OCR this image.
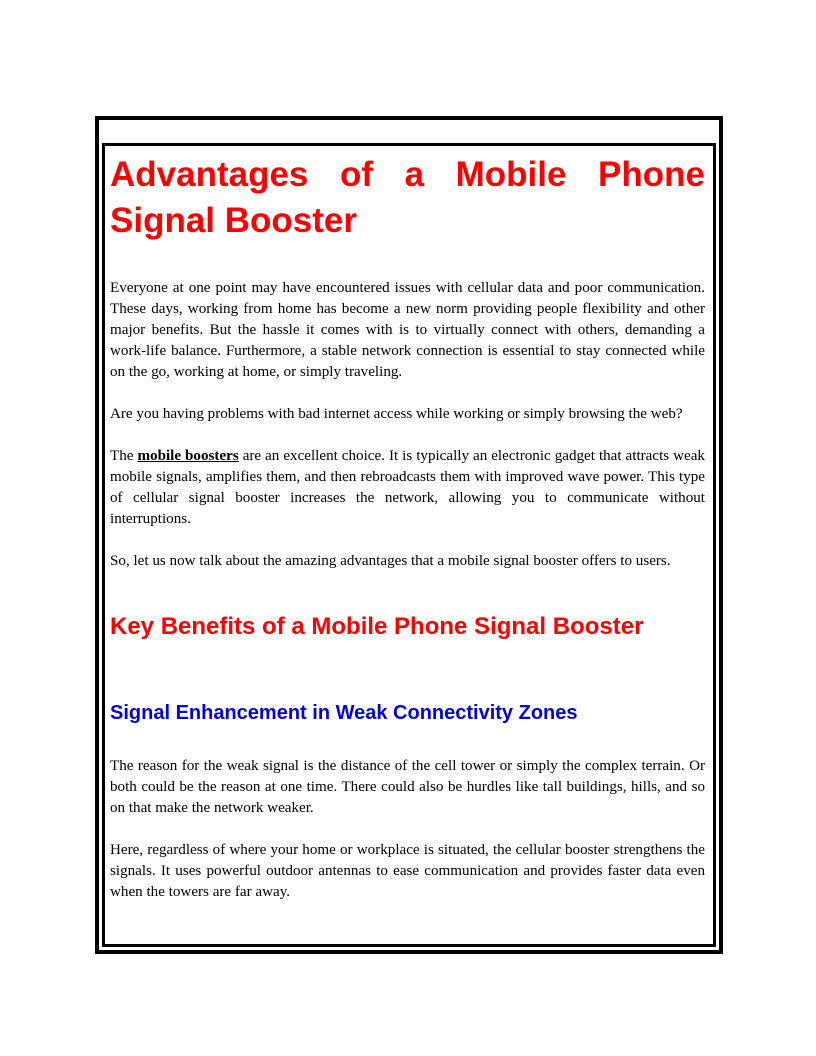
Advantages of a Mobile Phone Signal Booster

Everyone at one point may have encountered issues with cellular data and poor communication. These days, working from home has become a new norm providing people flexibility and other major benefits. But the hassle it comes with is to virtually connect with others, demanding a work-life balance. Furthermore, a stable network connection is essential to stay connected while on the go, working at home, or simply traveling.

Are you having problems with bad internet access while working or simply browsing the web?

The mobile boosters are an excellent choice. It is typically an electronic gadget that attracts weak mobile signals, amplifies them, and then rebroadcasts them with improved wave power. This type of cellular signal booster increases the network, allowing you to communicate without interruptions.

So, let us now talk about the amazing advantages that a mobile signal booster offers to users.

Key Benefits of a Mobile Phone Signal Booster
Signal Enhancement in Weak Connectivity Zones

The reason for the weak signal is the distance of the cell tower or simply the complex terrain. Or both could be the reason at one time. There could also be hurdles like tall buildings, hills, and so on that make the network weaker.

Here, regardless of where your home or workplace is situated, the cellular booster strengthens the signals. It uses powerful outdoor antennas to ease communication and provides faster data even when the towers are far away.
